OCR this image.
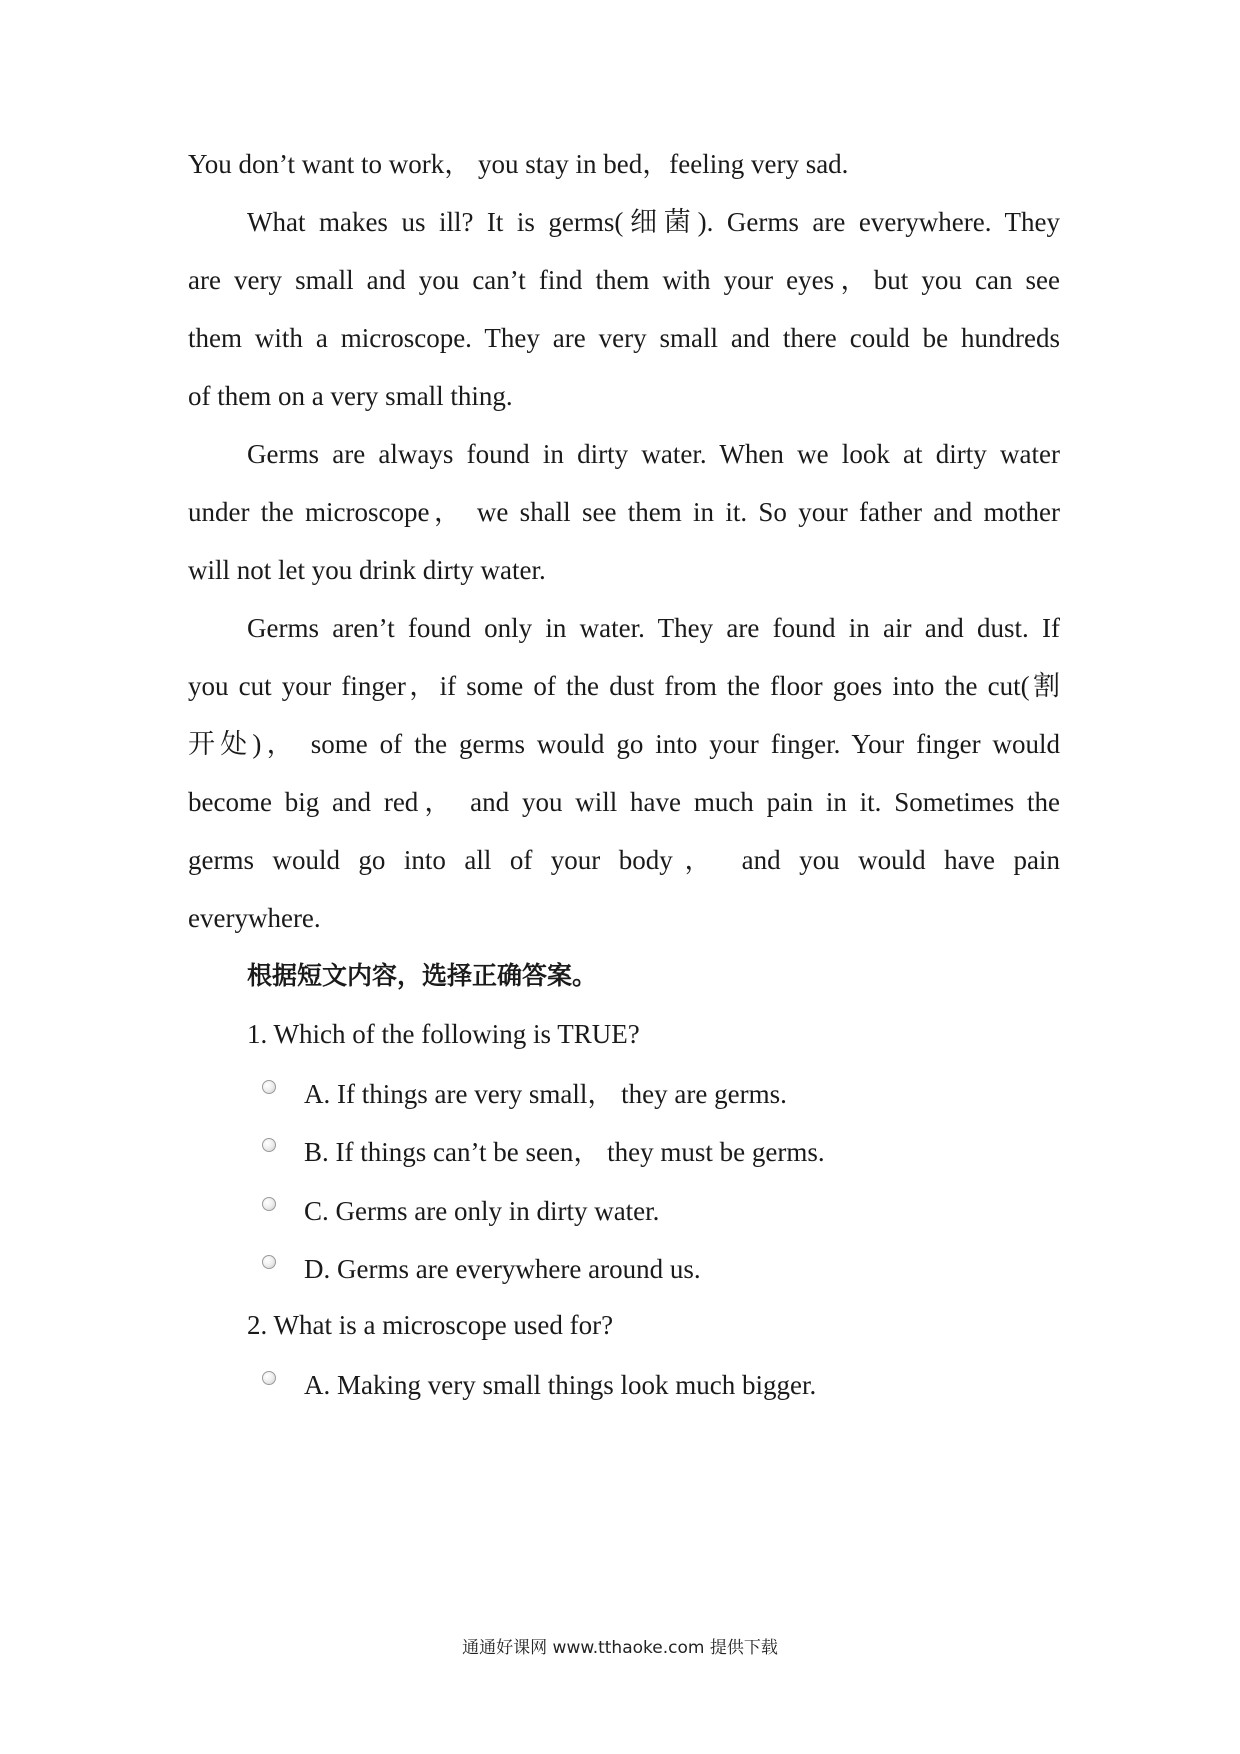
You don’t want to work， you stay in bed，feeling very sad.
What makes us ill? It is germs(细菌). Germs are everywhere. They
are very small and you can’t find them with your eyes，but you can see
them with a microscope. They are very small and there could be hundreds
of them on a very small thing.
Germs are always found in dirty water. When we look at dirty water
under the microscope， we shall see them in it. So your father and mother
will not let you drink dirty water.
Germs aren’t found only in water. They are found in air and dust. If
you cut your finger，if some of the dust from the floor goes into the cut(割
开处)， some of the germs would go into your finger. Your finger would
become big and red， and you will have much pain in it. Sometimes the
germs would go into all of your body， and you would have pain
everywhere.
根据短文内容，选择正确答案。
1. Which of the following is TRUE?
A. If things are very small， they are germs.
B. If things can’t be seen， they must be germs.
C. Germs are only in dirty water.
D. Germs are everywhere around us.
2. What is a microscope used for?
A. Making very small things look much bigger.
通通好课网 www.tthaoke.com 提供下载
